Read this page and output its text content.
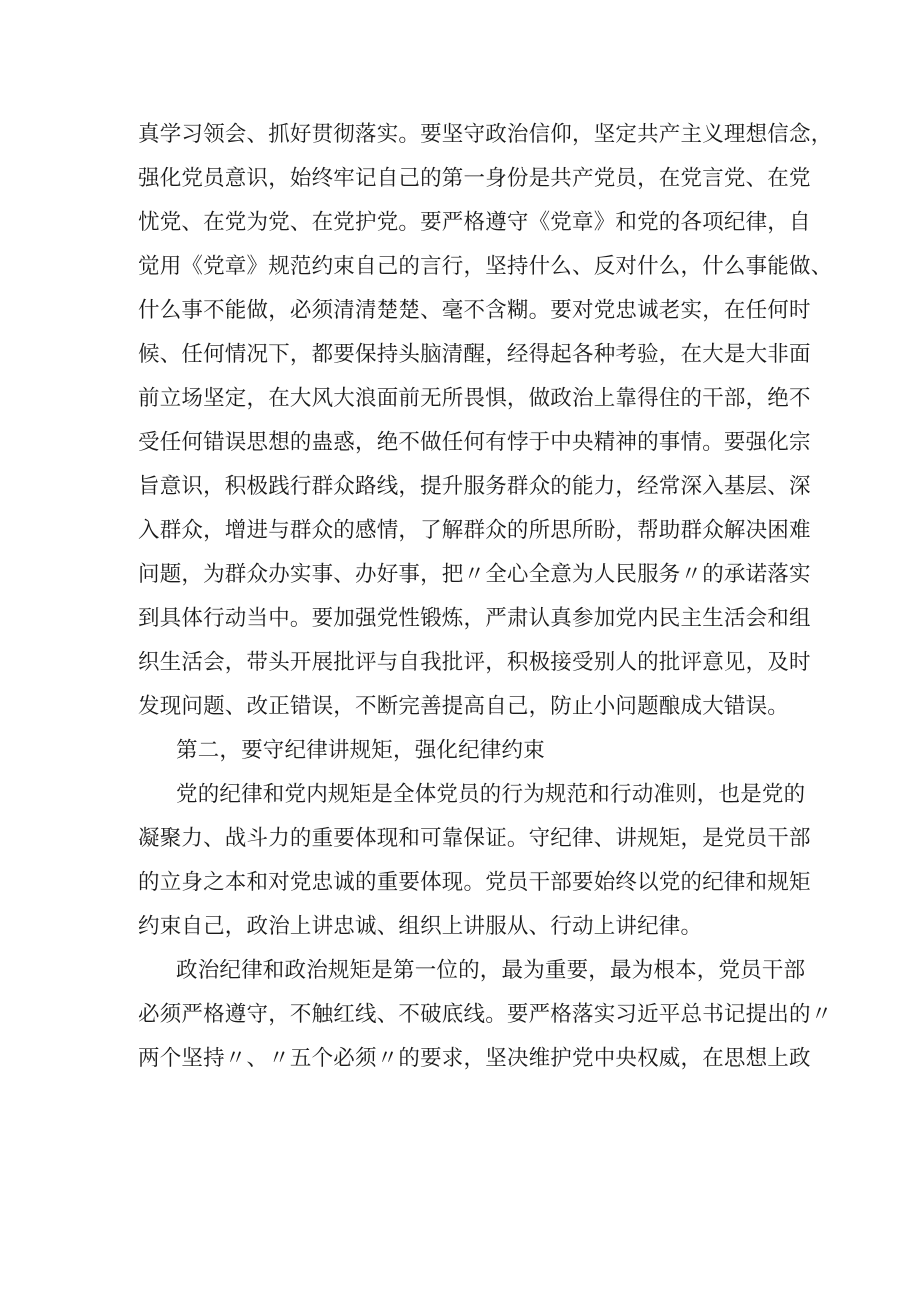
真学习领会、抓好贯彻落实。要坚守政治信仰，坚定共产主义理想信念，
强化党员意识，始终牢记自己的第一身份是共产党员，在党言党、在党
忧党、在党为党、在党护党。要严格遵守《党章》和党的各项纪律，自
觉用《党章》规范约束自己的言行，坚持什么、反对什么，什么事能做、
什么事不能做，必须清清楚楚、毫不含糊。要对党忠诚老实，在任何时
候、任何情况下，都要保持头脑清醒，经得起各种考验，在大是大非面
前立场坚定，在大风大浪面前无所畏惧，做政治上靠得住的干部，绝不
受任何错误思想的蛊惑，绝不做任何有悖于中央精神的事情。要强化宗
旨意识，积极践行群众路线，提升服务群众的能力，经常深入基层、深
入群众，增进与群众的感情，了解群众的所思所盼，帮助群众解决困难
问题，为群众办实事、办好事，把〃全心全意为人民服务〃的承诺落实
到具体行动当中。要加强党性锻炼，严肃认真参加党内民主生活会和组
织生活会，带头开展批评与自我批评，积极接受别人的批评意见，及时
发现问题、改正错误，不断完善提高自己，防止小问题酿成大错误。
第二，要守纪律讲规矩，强化纪律约束
党的纪律和党内规矩是全体党员的行为规范和行动准则，也是党的
凝聚力、战斗力的重要体现和可靠保证。守纪律、讲规矩，是党员干部
的立身之本和对党忠诚的重要体现。党员干部要始终以党的纪律和规矩
约束自己，政治上讲忠诚、组织上讲服从、行动上讲纪律。
政治纪律和政治规矩是第一位的，最为重要，最为根本，党员干部
必须严格遵守，不触红线、不破底线。要严格落实习近平总书记提出的〃
两个坚持〃、〃五个必须〃的要求，坚决维护党中央权威，在思想上政
